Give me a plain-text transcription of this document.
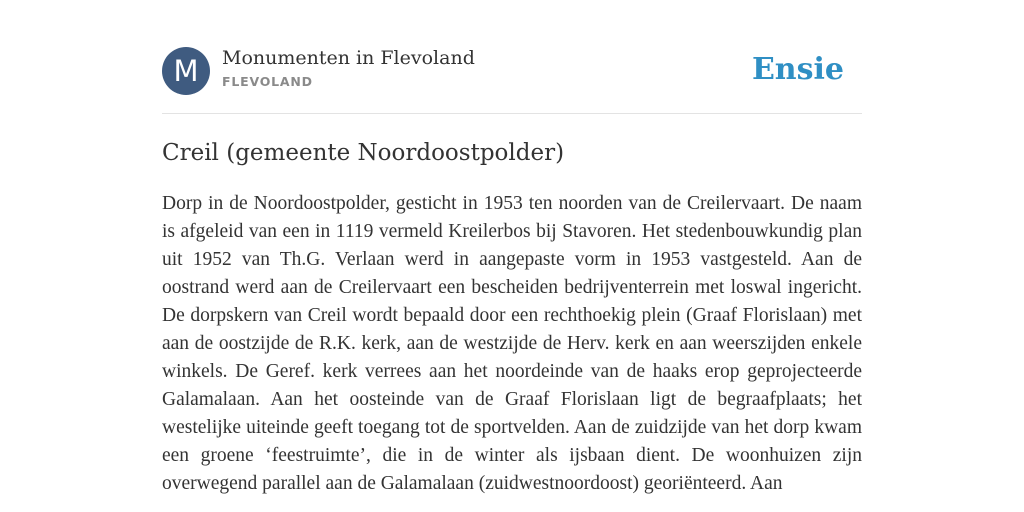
M	Monumenten in Flevoland
FLEVOLAND	Ensie
Creil (gemeente Noordoostpolder)

Dorp in de Noordoostpolder, gesticht in 1953 ten noorden van de Creilervaart. De naam is afgeleid van een in 1119 vermeld Kreilerbos bij Stavoren. Het stedenbouwkundig plan uit 1952 van Th.G. Verlaan werd in aangepaste vorm in 1953 vastgesteld. Aan de oostrand werd aan de Creilervaart een bescheiden bedrijventerrein met loswal ingericht. De dorpskern van Creil wordt bepaald door een rechthoekig plein (Graaf Florislaan) met aan de oostzijde de R.K. kerk, aan de westzijde de Herv. kerk en aan weerszijden enkele winkels. De Geref. kerk verrees aan het noordeinde van de haaks erop geprojecteerde Galamalaan. Aan het oosteinde van de Graaf Florislaan ligt de begraafplaats; het westelijke uiteinde geeft toegang tot de sportvelden. Aan de zuidzijde van het dorp kwam een groene ‘feestruimte’, die in de winter als ijsbaan dient. De woonhuizen zijn overwegend parallel aan de Galamalaan (zuidwestnoordoost) georiënteerd. Aan
